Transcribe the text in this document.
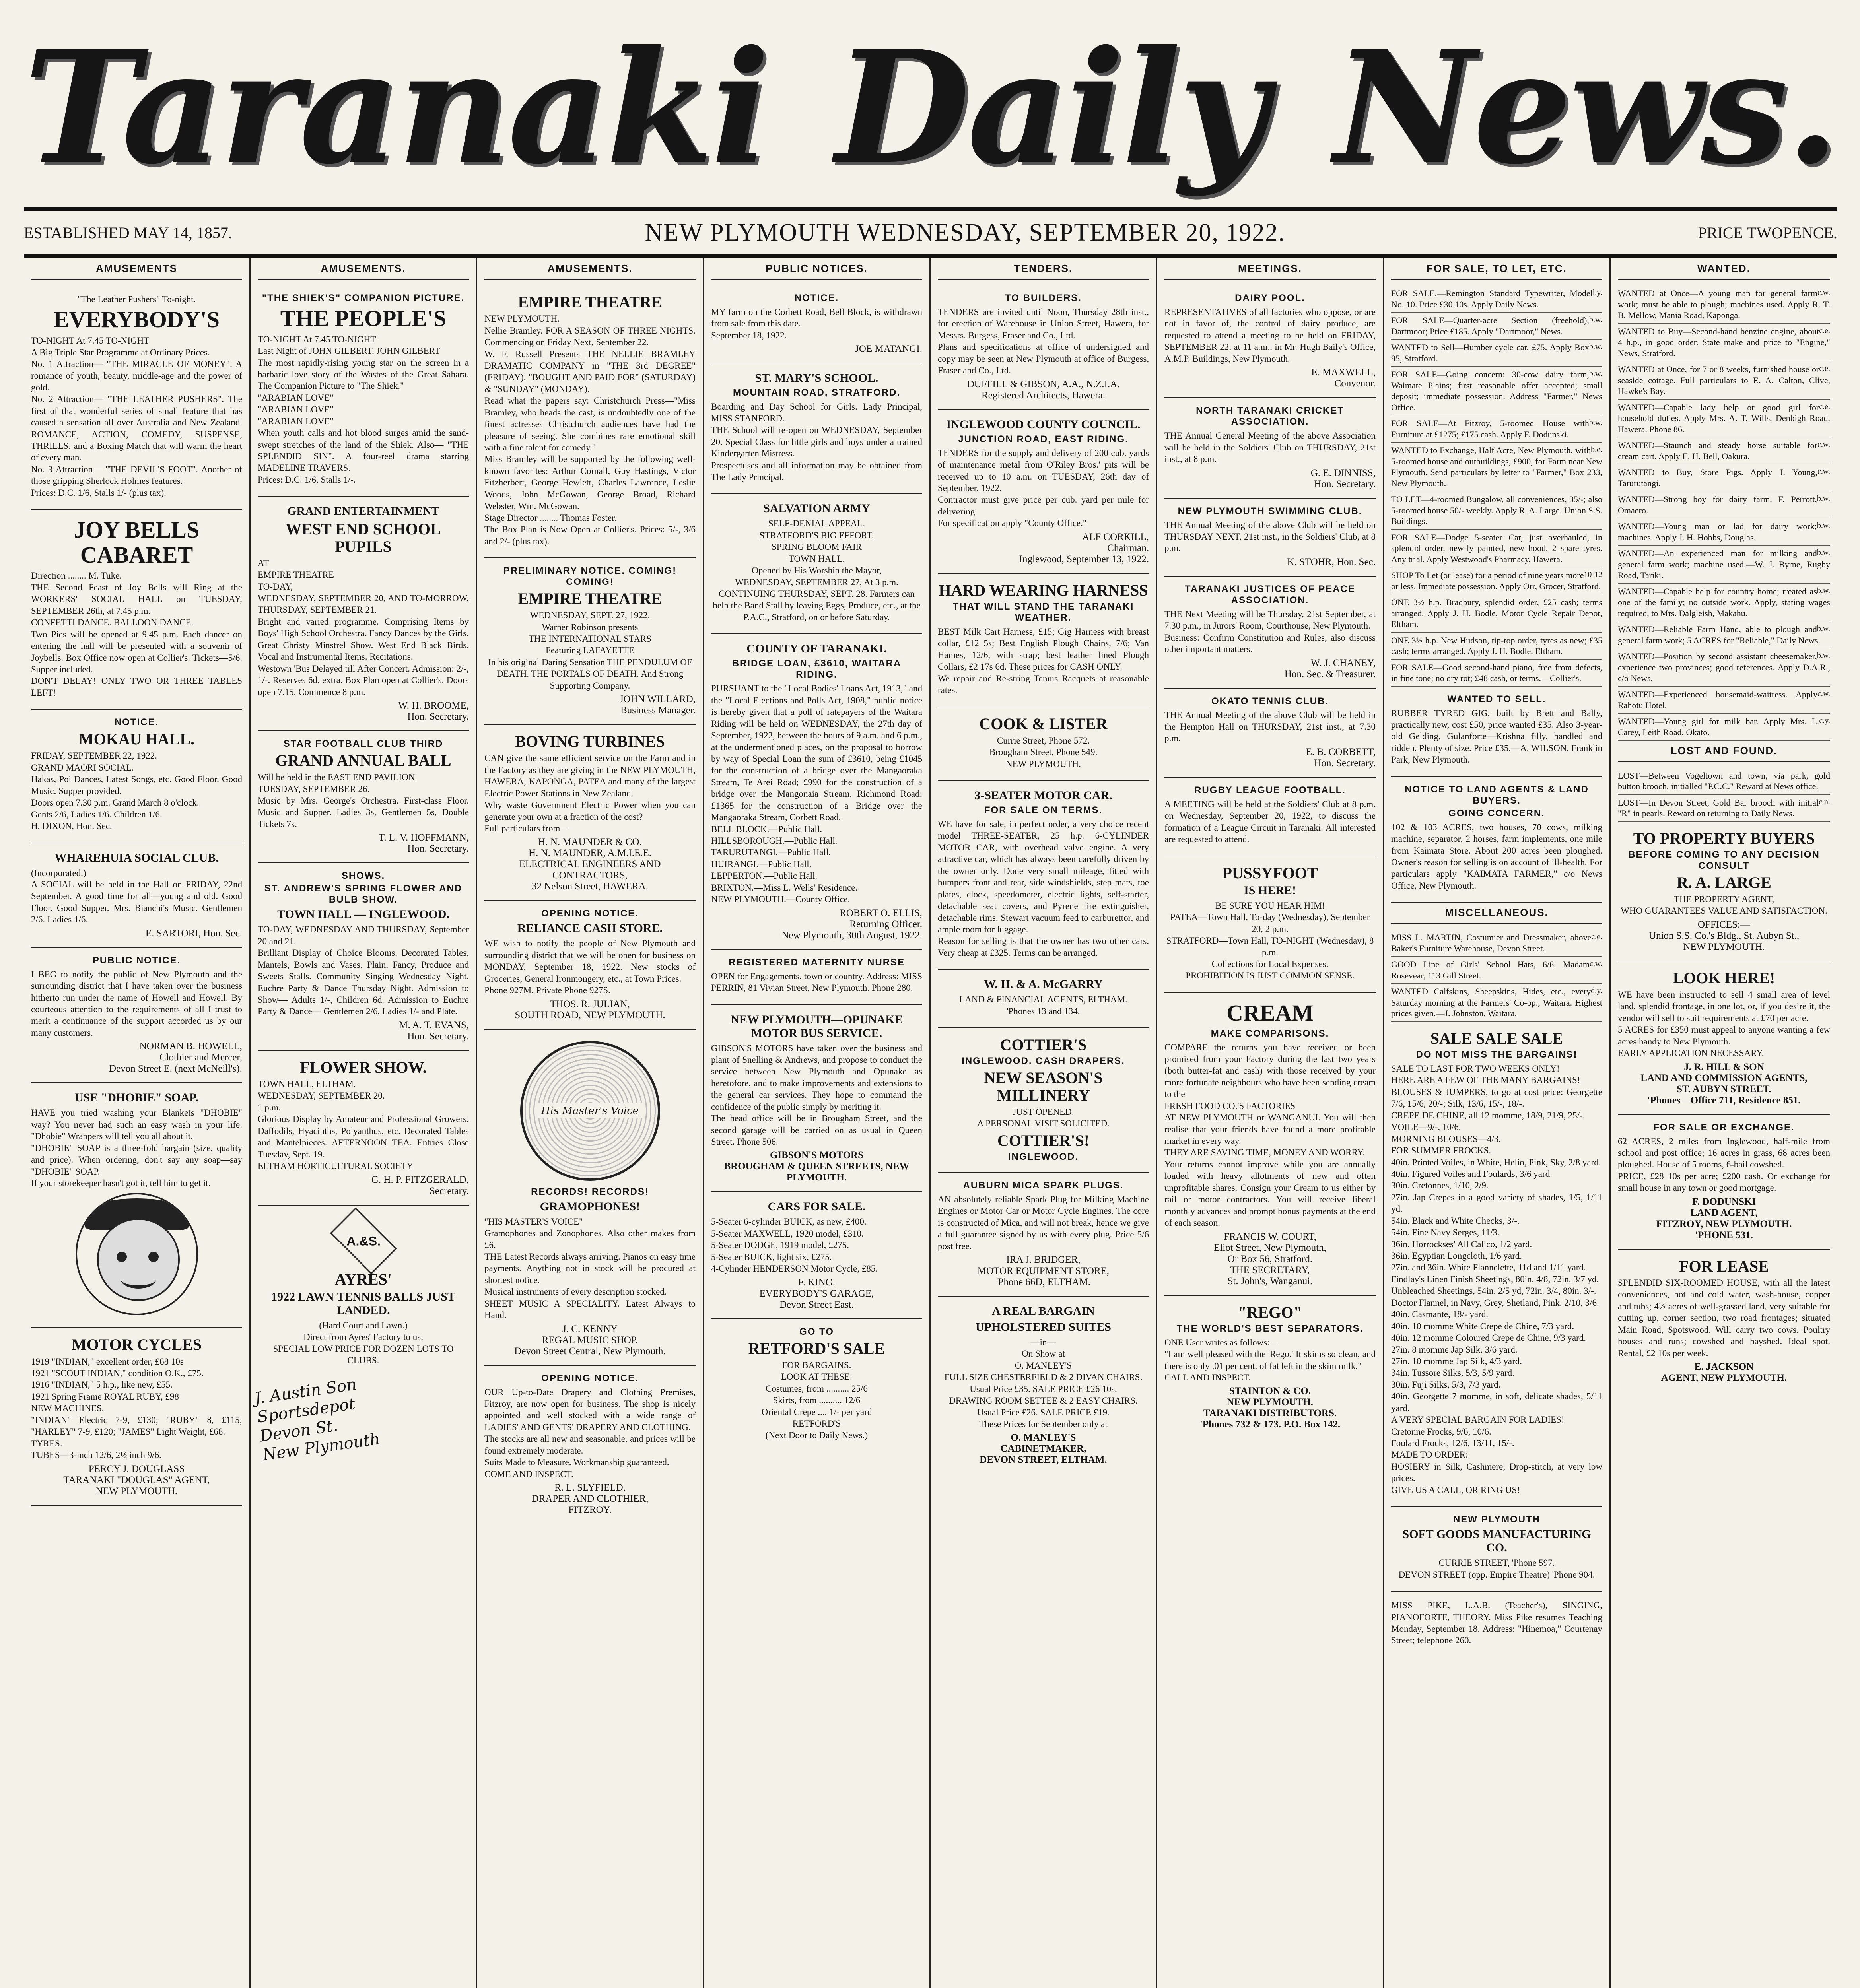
Taranaki Daily News.
ESTABLISHED MAY 14, 1857.	NEW PLYMOUTH WEDNESDAY, SEPTEMBER 20, 1922.	PRICE TWOPENCE.
AMUSEMENTS
"The Leather Pushers" To-night.
EVERYBODY'S
TO-NIGHT At 7.45 TO-NIGHT
A Big Triple Star Programme at Ordinary Prices.
No. 1 Attraction— "THE MIRACLE OF MONEY". A romance of youth, beauty, middle-age and the power of gold.
No. 2 Attraction— "THE LEATHER PUSHERS". The first of that wonderful series of small feature that has caused a sensation all over Australia and New Zealand. ROMANCE, ACTION, COMEDY, SUSPENSE, THRILLS, and a Boxing Match that will warm the heart of every man.
No. 3 Attraction— "THE DEVIL'S FOOT". Another of those gripping Sherlock Holmes features.
Prices: D.C. 1/6, Stalls 1/- (plus tax).
JOY BELLS CABARET
Direction ........ M. Tuke.
THE Second Feast of Joy Bells will Ring at the WORKERS' SOCIAL HALL on TUESDAY, SEPTEMBER 26th, at 7.45 p.m.
CONFETTI DANCE. BALLOON DANCE.
Two Pies will be opened at 9.45 p.m. Each dancer on entering the hall will be presented with a souvenir of Joybells. Box Office now open at Collier's. Tickets—5/6. Supper included.
DON'T DELAY! ONLY TWO OR THREE TABLES LEFT!
NOTICE.
MOKAU HALL.
FRIDAY, SEPTEMBER 22, 1922.
GRAND MAORI SOCIAL.
Hakas, Poi Dances, Latest Songs, etc. Good Floor. Good Music. Supper provided.
Doors open 7.30 p.m. Grand March 8 o'clock.
Gents 2/6, Ladies 1/6. Children 1/6.
H. DIXON, Hon. Sec.
WHAREHUIA SOCIAL CLUB.
(Incorporated.)
A SOCIAL will be held in the Hall on FRIDAY, 22nd September. A good time for all—young and old. Good Floor. Good Supper. Mrs. Bianchi's Music. Gentlemen 2/6. Ladies 1/6.
E. SARTORI, Hon. Sec.
PUBLIC NOTICE.
I BEG to notify the public of New Plymouth and the surrounding district that I have taken over the business hitherto run under the name of Howell and Howell. By courteous attention to the requirements of all I trust to merit a continuance of the support accorded us by our many customers.
NORMAN B. HOWELL,
Clothier and Mercer,
Devon Street E. (next McNeill's).
USE "DHOBIE" SOAP.
HAVE you tried washing your Blankets "DHOBIE" way? You never had such an easy wash in your life. "Dhobie" Wrappers will tell you all about it.
"DHOBIE" SOAP is a three-fold bargain (size, quality and price). When ordering, don't say any soap—say "DHOBIE" SOAP.
If your storekeeper hasn't got it, tell him to get it.
MOTOR CYCLES
1919 "INDIAN," excellent order, £68 10s
1921 "SCOUT INDIAN," condition O.K., £75.
1916 "INDIAN," 5 h.p., like new, £55.
1921 Spring Frame ROYAL RUBY, £98
NEW MACHINES.
"INDIAN" Electric 7-9, £130; "RUBY" 8, £115; "HARLEY" 7-9, £120; "JAMES" Light Weight, £68.
TYRES.
TUBES—3-inch 12/6, 2½ inch 9/6.
PERCY J. DOUGLASS
TARANAKI "DOUGLAS" AGENT,
NEW PLYMOUTH.
AMUSEMENTS.
"THE SHIEK'S" COMPANION PICTURE.
THE PEOPLE'S
TO-NIGHT At 7.45 TO-NIGHT
Last Night of JOHN GILBERT, JOHN GILBERT
The most rapidly-rising young star on the screen in a barbaric love story of the Wastes of the Great Sahara. The Companion Picture to "The Shiek."
"ARABIAN LOVE"
"ARABIAN LOVE"
"ARABIAN LOVE"
When youth calls and hot blood surges amid the sand-swept stretches of the land of the Shiek. Also— "THE SPLENDID SIN". A four-reel drama starring MADELINE TRAVERS.
Prices: D.C. 1/6, Stalls 1/-.
GRAND ENTERTAINMENT
WEST END SCHOOL PUPILS
AT
EMPIRE THEATRE
TO-DAY,
WEDNESDAY, SEPTEMBER 20, AND TO-MORROW, THURSDAY, SEPTEMBER 21.
Bright and varied programme. Comprising Items by Boys' High School Orchestra. Fancy Dances by the Girls. Great Christy Minstrel Show. West End Black Birds. Vocal and Instrumental Items. Recitations.
Westown 'Bus Delayed till After Concert. Admission: 2/-, 1/-. Reserves 6d. extra. Box Plan open at Collier's. Doors open 7.15. Commence 8 p.m.
W. H. BROOME,
Hon. Secretary.
STAR FOOTBALL CLUB THIRD
GRAND ANNUAL BALL
Will be held in the EAST END PAVILION
TUESDAY, SEPTEMBER 26.
Music by Mrs. George's Orchestra. First-class Floor. Music and Supper. Ladies 3s, Gentlemen 5s, Double Tickets 7s.
T. L. V. HOFFMANN,
Hon. Secretary.
SHOWS.
ST. ANDREW'S SPRING FLOWER AND BULB SHOW.
TOWN HALL — INGLEWOOD.
TO-DAY, WEDNESDAY AND THURSDAY, September 20 and 21.
Brilliant Display of Choice Blooms, Decorated Tables, Mantels, Bowls and Vases. Plain, Fancy, Produce and Sweets Stalls. Community Singing Wednesday Night. Euchre Party & Dance Thursday Night. Admission to Show— Adults 1/-, Children 6d. Admission to Euchre Party & Dance— Gentlemen 2/6, Ladies 1/- and Plate.
M. A. T. EVANS,
Hon. Secretary.
FLOWER SHOW.
TOWN HALL, ELTHAM.
WEDNESDAY, SEPTEMBER 20.
1 p.m.
Glorious Display by Amateur and Professional Growers. Daffodils, Hyacinths, Polyanthus, etc. Decorated Tables and Mantelpieces. AFTERNOON TEA. Entries Close Tuesday, Sept. 19.
ELTHAM HORTICULTURAL SOCIETY
G. H. P. FITZGERALD,
Secretary.
A.&S.
AYRES'
1922 LAWN TENNIS BALLS JUST LANDED.
(Hard Court and Lawn.)
Direct from Ayres' Factory to us.
SPECIAL LOW PRICE FOR DOZEN LOTS TO CLUBS.
J. Austin Son
Sportsdepot
Devon St.
New Plymouth
AMUSEMENTS.
EMPIRE THEATRE
NEW PLYMOUTH.
Nellie Bramley. FOR A SEASON OF THREE NIGHTS. Commencing on Friday Next, September 22.
W. F. Russell Presents THE NELLIE BRAMLEY DRAMATIC COMPANY in "THE 3rd DEGREE" (FRIDAY). "BOUGHT AND PAID FOR" (SATURDAY) & "SUNDAY" (MONDAY).
Read what the papers say: Christchurch Press—"Miss Bramley, who heads the cast, is undoubtedly one of the finest actresses Christchurch audiences have had the pleasure of seeing. She combines rare emotional skill with a fine talent for comedy."
Miss Bramley will be supported by the following well-known favorites: Arthur Cornall, Guy Hastings, Victor Fitzherbert, George Hewlett, Charles Lawrence, Leslie Woods, John McGowan, George Broad, Richard Webster, Wm. McGowan.
Stage Director ........ Thomas Foster.
The Box Plan is Now Open at Collier's. Prices: 5/-, 3/6 and 2/- (plus tax).
PRELIMINARY NOTICE. COMING! COMING!
EMPIRE THEATRE
WEDNESDAY, SEPT. 27, 1922.
Warner Robinson presents
THE INTERNATIONAL STARS
Featuring LAFAYETTE
In his original Daring Sensation THE PENDULUM OF DEATH. THE PORTALS OF DEATH. And Strong Supporting Company.
JOHN WILLARD,
Business Manager.
BOVING TURBINES
CAN give the same efficient service on the Farm and in the Factory as they are giving in the NEW PLYMOUTH, HAWERA, KAPONGA, PATEA and many of the largest Electric Power Stations in New Zealand.
Why waste Government Electric Power when you can generate your own at a fraction of the cost?
Full particulars from—
H. N. MAUNDER & CO.
H. N. MAUNDER, A.M.I.E.E.
ELECTRICAL ENGINEERS AND CONTRACTORS,
32 Nelson Street, HAWERA.
OPENING NOTICE.
RELIANCE CASH STORE.
WE wish to notify the people of New Plymouth and surrounding district that we will be open for business on MONDAY, September 18, 1922. New stocks of Groceries, General Ironmongery, etc., at Town Prices.
Phone 927M. Private Phone 927S.
THOS. R. JULIAN,
SOUTH ROAD, NEW PLYMOUTH.
His Master's Voice
RECORDS! RECORDS!
GRAMOPHONES!
"HIS MASTER'S VOICE"
Gramophones and Zonophones. Also other makes from £6.
THE Latest Records always arriving. Pianos on easy time payments. Anything not in stock will be procured at shortest notice.
Musical instruments of every description stocked.
SHEET MUSIC A SPECIALITY. Latest Always to Hand.
J. C. KENNY
REGAL MUSIC SHOP.
Devon Street Central, New Plymouth.
OPENING NOTICE.
OUR Up-to-Date Drapery and Clothing Premises, Fitzroy, are now open for business. The shop is nicely appointed and well stocked with a wide range of LADIES' AND GENTS' DRAPERY AND CLOTHING.
The stocks are all new and seasonable, and prices will be found extremely moderate.
Suits Made to Measure. Workmanship guaranteed.
COME AND INSPECT.
R. L. SLYFIELD,
DRAPER AND CLOTHIER,
FITZROY.
PUBLIC NOTICES.
NOTICE.
MY farm on the Corbett Road, Bell Block, is withdrawn from sale from this date.
September 18, 1922.
JOE MATANGI.
ST. MARY'S SCHOOL.
MOUNTAIN ROAD, STRATFORD.
Boarding and Day School for Girls. Lady Principal, MISS STANFORD.
THE School will re-open on WEDNESDAY, September 20. Special Class for little girls and boys under a trained Kindergarten Mistress.
Prospectuses and all information may be obtained from The Lady Principal.
SALVATION ARMY
SELF-DENIAL APPEAL.
STRATFORD'S BIG EFFORT.
SPRING BLOOM FAIR
TOWN HALL.
Opened by His Worship the Mayor,
WEDNESDAY, SEPTEMBER 27, At 3 p.m.
CONTINUING THURSDAY, SEPT. 28. Farmers can help the Band Stall by leaving Eggs, Produce, etc., at the P.A.C., Stratford, on or before Saturday.
COUNTY OF TARANAKI.
BRIDGE LOAN, £3610, WAITARA RIDING.
PURSUANT to the "Local Bodies' Loans Act, 1913," and the "Local Elections and Polls Act, 1908," public notice is hereby given that a poll of ratepayers of the Waitara Riding will be held on WEDNESDAY, the 27th day of September, 1922, between the hours of 9 a.m. and 6 p.m., at the undermentioned places, on the proposal to borrow by way of Special Loan the sum of £3610, being £1045 for the construction of a bridge over the Mangaoraka Stream, Te Arei Road; £990 for the construction of a bridge over the Mangonaia Stream, Richmond Road; £1365 for the construction of a Bridge over the Mangaoraka Stream, Corbett Road.
BELL BLOCK.—Public Hall.
HILLSBOROUGH.—Public Hall.
TARURUTANGI.—Public Hall.
HUIRANGI.—Public Hall.
LEPPERTON.—Public Hall.
BRIXTON.—Miss L. Wells' Residence.
NEW PLYMOUTH.—County Office.
ROBERT O. ELLIS,
Returning Officer.
New Plymouth, 30th August, 1922.
REGISTERED MATERNITY NURSE
OPEN for Engagements, town or country. Address: MISS PERRIN, 81 Vivian Street, New Plymouth. Phone 280.
NEW PLYMOUTH—OPUNAKE MOTOR BUS SERVICE.
GIBSON'S MOTORS have taken over the business and plant of Snelling & Andrews, and propose to conduct the service between New Plymouth and Opunake as heretofore, and to make improvements and extensions to the general car services. They hope to command the confidence of the public simply by meriting it.
The head office will be in Brougham Street, and the second garage will be carried on as usual in Queen Street. Phone 506.
GIBSON'S MOTORS
BROUGHAM & QUEEN STREETS, NEW PLYMOUTH.
CARS FOR SALE.
5-Seater 6-cylinder BUICK, as new, £400.
5-Seater MAXWELL, 1920 model, £310.
5-Seater DODGE, 1919 model, £275.
5-Seater BUICK, light six, £275.
4-Cylinder HENDERSON Motor Cycle, £85.
F. KING.
EVERYBODY'S GARAGE,
Devon Street East.
GO TO
RETFORD'S SALE
FOR BARGAINS.
LOOK AT THESE:
Costumes, from .......... 25/6
Skirts, from .......... 12/6
Oriental Crepe .... 1/- per yard
RETFORD'S
(Next Door to Daily News.)
TENDERS.
TO BUILDERS.
TENDERS are invited until Noon, Thursday 28th inst., for erection of Warehouse in Union Street, Hawera, for Messrs. Burgess, Fraser and Co., Ltd.
Plans and specifications at office of undersigned and copy may be seen at New Plymouth at office of Burgess, Fraser and Co., Ltd.
DUFFILL & GIBSON, A.A., N.Z.I.A.
Registered Architects, Hawera.
INGLEWOOD COUNTY COUNCIL.
JUNCTION ROAD, EAST RIDING.
TENDERS for the supply and delivery of 200 cub. yards of maintenance metal from O'Riley Bros.' pits will be received up to 10 a.m. on TUESDAY, 26th day of September, 1922.
Contractor must give price per cub. yard per mile for delivering.
For specification apply "County Office."
ALF CORKILL,
Chairman.
Inglewood, September 13, 1922.
HARD WEARING HARNESS
THAT WILL STAND THE TARANAKI WEATHER.
BEST Milk Cart Harness, £15; Gig Harness with breast collar, £12 5s; Best English Plough Chains, 7/6; Van Hames, 12/6, with strap; best leather lined Plough Collars, £2 17s 6d. These prices for CASH ONLY.
We repair and Re-string Tennis Racquets at reasonable rates.
COOK & LISTER
Currie Street, Phone 572.
Brougham Street, Phone 549.
NEW PLYMOUTH.
3-SEATER MOTOR CAR.
FOR SALE ON TERMS.
WE have for sale, in perfect order, a very choice recent model THREE-SEATER, 25 h.p. 6-CYLINDER MOTOR CAR, with overhead valve engine. A very attractive car, which has always been carefully driven by the owner only. Done very small mileage, fitted with bumpers front and rear, side windshields, step mats, toe plates, clock, speedometer, electric lights, self-starter, detachable seat covers, and Pyrene fire extinguisher, detachable rims, Stewart vacuum feed to carburettor, and ample room for luggage.
Reason for selling is that the owner has two other cars. Very cheap at £325. Terms can be arranged.
W. H. & A. McGARRY
LAND & FINANCIAL AGENTS, ELTHAM.
'Phones 13 and 134.
COTTIER'S
INGLEWOOD. CASH DRAPERS.
NEW SEASON'S MILLINERY
JUST OPENED.
A PERSONAL VISIT SOLICITED.
COTTIER'S!
INGLEWOOD.
AUBURN MICA SPARK PLUGS.
AN absolutely reliable Spark Plug for Milking Machine Engines or Motor Car or Motor Cycle Engines. The core is constructed of Mica, and will not break, hence we give a full guarantee signed by us with every plug. Price 5/6 post free.
IRA J. BRIDGER,
MOTOR EQUIPMENT STORE,
'Phone 66D, ELTHAM.
A REAL BARGAIN
UPHOLSTERED SUITES
—in—
On Show at
O. MANLEY'S
FULL SIZE CHESTERFIELD & 2 DIVAN CHAIRS. Usual Price £35. SALE PRICE £26 10s.
DRAWING ROOM SETTEE & 2 EASY CHAIRS. Usual Price £26. SALE PRICE £19.
These Prices for September only at
O. MANLEY'S
CABINETMAKER,
DEVON STREET, ELTHAM.
MEETINGS.
DAIRY POOL.
REPRESENTATIVES of all factories who oppose, or are not in favor of, the control of dairy produce, are requested to attend a meeting to be held on FRIDAY, SEPTEMBER 22, at 11 a.m., in Mr. Hugh Baily's Office, A.M.P. Buildings, New Plymouth.
E. MAXWELL,
Convenor.
NORTH TARANAKI CRICKET ASSOCIATION.
THE Annual General Meeting of the above Association will be held in the Soldiers' Club on THURSDAY, 21st inst., at 8 p.m.
G. E. DINNISS,
Hon. Secretary.
NEW PLYMOUTH SWIMMING CLUB.
THE Annual Meeting of the above Club will be held on THURSDAY NEXT, 21st inst., in the Soldiers' Club, at 8 p.m.
K. STOHR, Hon. Sec.
TARANAKI JUSTICES OF PEACE ASSOCIATION.
THE Next Meeting will be Thursday, 21st September, at 7.30 p.m., in Jurors' Room, Courthouse, New Plymouth.
Business: Confirm Constitution and Rules, also discuss other important matters.
W. J. CHANEY,
Hon. Sec. & Treasurer.
OKATO TENNIS CLUB.
THE Annual Meeting of the above Club will be held in the Hempton Hall on THURSDAY, 21st inst., at 7.30 p.m.
E. B. CORBETT,
Hon. Secretary.
RUGBY LEAGUE FOOTBALL.
A MEETING will be held at the Soldiers' Club at 8 p.m. on Wednesday, September 20, 1922, to discuss the formation of a League Circuit in Taranaki. All interested are requested to attend.
PUSSYFOOT
IS HERE!
BE SURE YOU HEAR HIM!
PATEA—Town Hall, To-day (Wednesday), September 20, 2 p.m.
STRATFORD—Town Hall, TO-NIGHT (Wednesday), 8 p.m.
Collections for Local Expenses.
PROHIBITION IS JUST COMMON SENSE.
CREAM
MAKE COMPARISONS.
COMPARE the returns you have received or been promised from your Factory during the last two years (both butter-fat and cash) with those received by your more fortunate neighbours who have been sending cream to the
FRESH FOOD CO.'S FACTORIES
AT NEW PLYMOUTH or WANGANUI. You will then realise that your friends have found a more profitable market in every way.
THEY ARE SAVING TIME, MONEY AND WORRY.
Your returns cannot improve while you are annually loaded with heavy allotments of new and often unprofitable shares. Consign your Cream to us either by rail or motor contractors. You will receive liberal monthly advances and prompt bonus payments at the end of each season.
FRANCIS W. COURT,
Eliot Street, New Plymouth,
Or Box 56, Stratford.
THE SECRETARY,
St. John's, Wanganui.
"REGO"
THE WORLD'S BEST SEPARATORS.
ONE User writes as follows:—
"I am well pleased with the 'Rego.' It skims so clean, and there is only .01 per cent. of fat left in the skim milk."
CALL AND INSPECT.
STAINTON & CO.
NEW PLYMOUTH.
TARANAKI DISTRIBUTORS.
'Phones 732 & 173. P.O. Box 142.
FOR SALE, TO LET, ETC.
l.y.
FOR SALE.—Remington Standard Typewriter, Model No. 10. Price £30 10s. Apply Daily News.
b.w.
FOR SALE—Quarter-acre Section (freehold), Dartmoor; Price £185. Apply "Dartmoor," News.
b.w.
WANTED to Sell—Humber cycle car. £75. Apply Box 95, Stratford.
b.w.
FOR SALE—Going concern: 30-cow dairy farm, Waimate Plains; first reasonable offer accepted; small deposit; immediate possession. Address "Farmer," News Office.
b.w.
FOR SALE—At Fitzroy, 5-roomed House with Furniture at £1275; £175 cash. Apply F. Dodunski.
b.e.
WANTED to Exchange, Half Acre, New Plymouth, with 5-roomed house and outbuildings, £900, for Farm near New Plymouth. Send particulars by letter to "Farmer," Box 233, New Plymouth.
TO LET—4-roomed Bungalow, all conveniences, 35/-; also 5-roomed house 50/- weekly. Apply R. A. Large, Union S.S. Buildings.
FOR SALE—Dodge 5-seater Car, just overhauled, in splendid order, new-ly painted, new hood, 2 spare tyres. Any trial. Apply Westwood's Pharmacy, Hawera.
10-12
SHOP To Let (or lease) for a period of nine years more or less. Immediate possession. Apply Orr, Grocer, Stratford.
ONE 3½ h.p. Bradbury, splendid order, £25 cash; terms arranged. Apply J. H. Bodle, Motor Cycle Repair Depot, Eltham.
ONE 3½ h.p. New Hudson, tip-top order, tyres as new; £35 cash; terms arranged. Apply J. H. Bodle, Eltham.
FOR SALE—Good second-hand piano, free from defects, in fine tone; no dry rot; £48 cash, or terms.—Collier's.
WANTED TO SELL.
RUBBER TYRED GIG, built by Brett and Bally, practically new, cost £50, price wanted £35. Also 3-year-old Gelding, Gulanforte—Krishna filly, handled and ridden. Plenty of size. Price £35.—A. WILSON, Franklin Park, New Plymouth.
NOTICE TO LAND AGENTS & LAND BUYERS.
GOING CONCERN.
102 & 103 ACRES, two houses, 70 cows, milking machine, separator, 2 horses, farm implements, one mile from Kaimata Store. About 200 acres been ploughed. Owner's reason for selling is on account of ill-health. For particulars apply "KAIMATA FARMER," c/o News Office, New Plymouth.
MISCELLANEOUS.
c.e.
MISS L. MARTIN, Costumier and Dressmaker, above Baker's Furniture Warehouse, Devon Street.
c.w.
GOOD Line of Girls' School Hats, 6/6. Madam Rosevear, 113 Gill Street.
d.y.
WANTED Calfskins, Sheepskins, Hides, etc., every Saturday morning at the Farmers' Co-op., Waitara. Highest prices given.—J. Johnston, Waitara.
SALE SALE SALE
DO NOT MISS THE BARGAINS!
SALE TO LAST FOR TWO WEEKS ONLY!
HERE ARE A FEW OF THE MANY BARGAINS!
BLOUSES & JUMPERS, to go at cost price: Georgette 7/6, 15/6, 20/-; Silk, 13/6, 15/-, 18/-.
CREPE DE CHINE, all 12 momme, 18/9, 21/9, 25/-.
VOILE—9/-, 10/6.
MORNING BLOUSES—4/3.
FOR SUMMER FROCKS.
40in. Printed Voiles, in White, Helio, Pink, Sky, 2/8 yard.
40in. Figured Voiles and Foulards, 3/6 yard.
30in. Cretonnes, 1/10, 2/9.
27in. Jap Crepes in a good variety of shades, 1/5, 1/11 yd.
54in. Black and White Checks, 3/-.
54in. Fine Navy Serges, 11/3.
36in. Horrockses' All Calico, 1/2 yard.
36in. Egyptian Longcloth, 1/6 yard.
27in. and 36in. White Flannelette, 11d and 1/11 yard.
Findlay's Linen Finish Sheetings, 80in. 4/8, 72in. 3/7 yd.
Unbleached Sheetings, 54in. 2/5 yd, 72in. 3/4, 80in. 3/-.
Doctor Flannel, in Navy, Grey, Shetland, Pink, 2/10, 3/6.
40in. Casmante, 18/- yard.
40in. 10 momme White Crepe de Chine, 7/3 yard.
40in. 12 momme Coloured Crepe de Chine, 9/3 yard.
27in. 8 momme Jap Silk, 3/6 yard.
27in. 10 momme Jap Silk, 4/3 yard.
34in. Tussore Silks, 5/3, 5/9 yard.
30in. Fuji Silks, 5/3, 7/3 yard.
40in. Georgette 7 momme, in soft, delicate shades, 5/11 yard.
A VERY SPECIAL BARGAIN FOR LADIES!
Cretonne Frocks, 9/6, 10/6.
Foulard Frocks, 12/6, 13/11, 15/-.
MADE TO ORDER:
HOSIERY in Silk, Cashmere, Drop-stitch, at very low prices.
GIVE US A CALL, OR RING US!
NEW PLYMOUTH
SOFT GOODS MANUFACTURING CO.
CURRIE STREET, 'Phone 597.
DEVON STREET (opp. Empire Theatre) 'Phone 904.
MISS PIKE, L.A.B. (Teacher's), SINGING, PIANOFORTE, THEORY. Miss Pike resumes Teaching Monday, September 18. Address: "Hinemoa," Courtenay Street; telephone 260.
WANTED.
c.w.
WANTED at Once—A young man for general farm work; must be able to plough; machines used. Apply R. T. B. Mellow, Mania Road, Kaponga.
c.e.
WANTED to Buy—Second-hand benzine engine, about 4 h.p., in good order. State make and price to "Engine," News, Stratford.
c.e.
WANTED at Once, for 7 or 8 weeks, furnished house or seaside cottage. Full particulars to E. A. Calton, Clive, Hawke's Bay.
c.e.
WANTED—Capable lady help or good girl for household duties. Apply Mrs. A. T. Wills, Denbigh Road, Hawera. Phone 86.
c.w.
WANTED—Staunch and steady horse suitable for cream cart. Apply E. H. Bell, Oakura.
c.w.
WANTED to Buy, Store Pigs. Apply J. Young, Tarurutangi.
b.w.
WANTED—Strong boy for dairy farm. F. Perrott, Omaero.
b.w.
WANTED—Young man or lad for dairy work; machines. Apply J. H. Hobbs, Douglas.
b.w.
WANTED—An experienced man for milking and general farm work; machine used.—W. J. Byrne, Rugby Road, Tariki.
b.w.
WANTED—Capable help for country home; treated as one of the family; no outside work. Apply, stating wages required, to Mrs. Dalgleish, Makahu.
b.w.
WANTED—Reliable Farm Hand, able to plough and general farm work; 5 ACRES for "Reliable," Daily News.
b.w.
WANTED—Position by second assistant cheesemaker, experience two provinces; good references. Apply D.A.R., c/o News.
c.w.
WANTED—Experienced housemaid-waitress. Apply Rahotu Hotel.
c.y.
WANTED—Young girl for milk bar. Apply Mrs. L. Carey, Leith Road, Okato.
LOST AND FOUND.
LOST—Between Vogeltown and town, via park, gold button brooch, initialled "P.C.C." Reward at News office.
c.n.
LOST—In Devon Street, Gold Bar brooch with initial "R" in pearls. Reward on returning to Daily News.
TO PROPERTY BUYERS
BEFORE COMING TO ANY DECISION CONSULT
R. A. LARGE
THE PROPERTY AGENT,
WHO GUARANTEES VALUE AND SATISFACTION.
OFFICES:—
Union S.S. Co.'s Bldg., St. Aubyn St.,
NEW PLYMOUTH.
LOOK HERE!
WE have been instructed to sell 4 small area of level land, splendid frontage, in one lot, or, if you desire it, the vendor will sell to suit requirements at £70 per acre.
5 ACRES for £350 must appeal to anyone wanting a few acres handy to New Plymouth.
EARLY APPLICATION NECESSARY.
J. R. HILL & SON
LAND AND COMMISSION AGENTS,
ST. AUBYN STREET.
'Phones—Office 711, Residence 851.
FOR SALE OR EXCHANGE.
62 ACRES, 2 miles from Inglewood, half-mile from school and post office; 16 acres in grass, 68 acres been ploughed. House of 5 rooms, 6-bail cowshed.
PRICE, £28 10s per acre; £200 cash. Or exchange for small house in any town or good mortgage.
F. DODUNSKI
LAND AGENT,
FITZROY, NEW PLYMOUTH.
'PHONE 531.
FOR LEASE
SPLENDID SIX-ROOMED HOUSE, with all the latest conveniences, hot and cold water, wash-house, copper and tubs; 4½ acres of well-grassed land, very suitable for cutting up, corner section, two road frontages; situated Main Road, Spotswood. Will carry two cows. Poultry houses and runs; cowshed and hayshed. Ideal spot. Rental, £2 10s per week.
E. JACKSON
AGENT, NEW PLYMOUTH.
